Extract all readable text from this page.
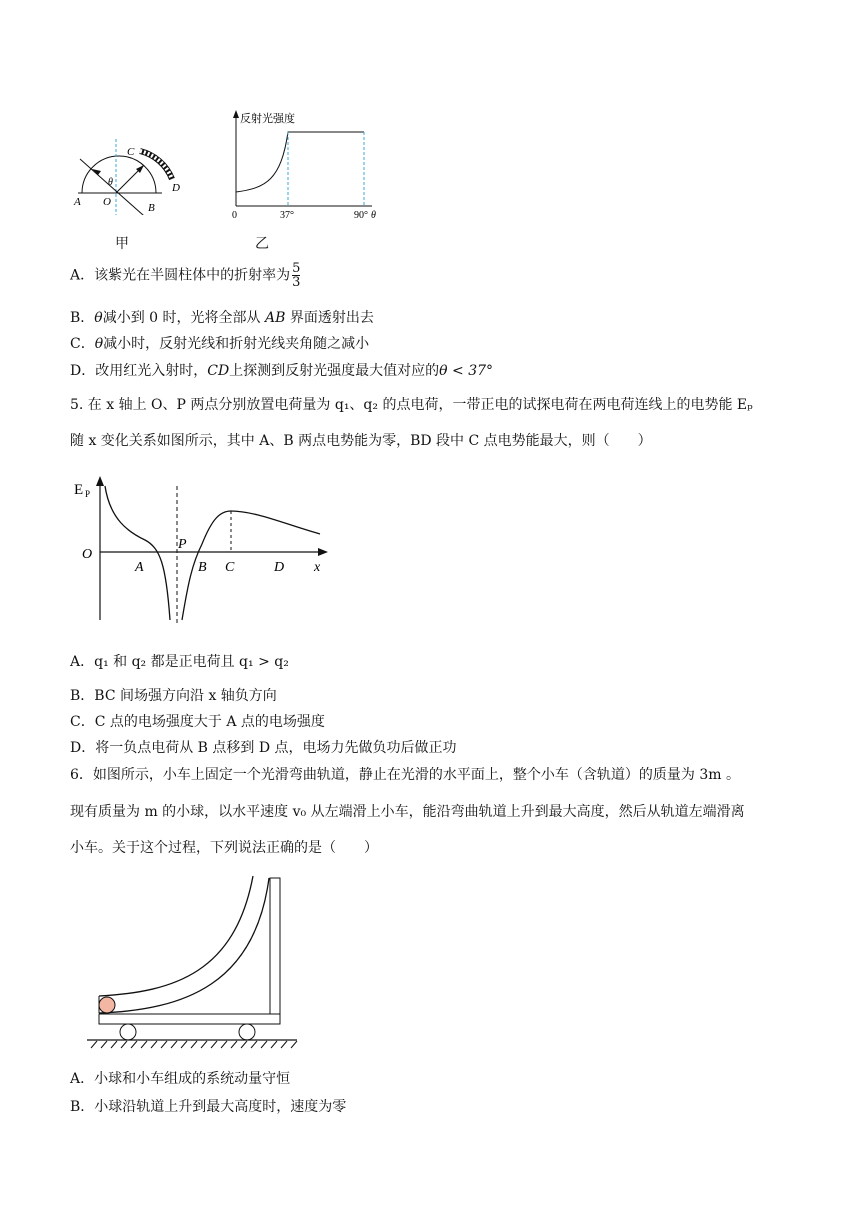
A O	B
C
D
θ
甲
反射光强度
0	37°	90° θ
乙
A．该紫光在半圆柱体中的折射率为 $\frac{5}{3}$
B．θ减小到 0 时，光将全部从 AB 界面透射出去
C．θ减小时，反射光线和折射光线夹角随之减小
D．改用红光入射时，CD上探测到反射光强度最大值对应的θ < 37°
5. 在 x 轴上 O、P 两点分别放置电荷量为 q₁、q₂ 的点电荷，一带正电的试探电荷在两电荷连线上的电势能 Eₚ
随 x 变化关系如图所示，其中 A、B 两点电势能为零，BD 段中 C 点电势能最大，则（　　）
E P
O
A
P
B C	D x
A．q₁ 和 q₂ 都是正电荷且 q₁ > q₂
B．BC 间场强方向沿 x 轴负方向
C．C 点的电场强度大于 A 点的电场强度
D．将一负点电荷从 B 点移到 D 点，电场力先做负功后做正功
6．如图所示，小车上固定一个光滑弯曲轨道，静止在光滑的水平面上，整个小车（含轨道）的质量为 3m 。
现有质量为 m 的小球，以水平速度 v₀ 从左端滑上小车，能沿弯曲轨道上升到最大高度，然后从轨道左端滑离
小车。关于这个过程，下列说法正确的是（　　）
A．小球和小车组成的系统动量守恒
B．小球沿轨道上升到最大高度时，速度为零
